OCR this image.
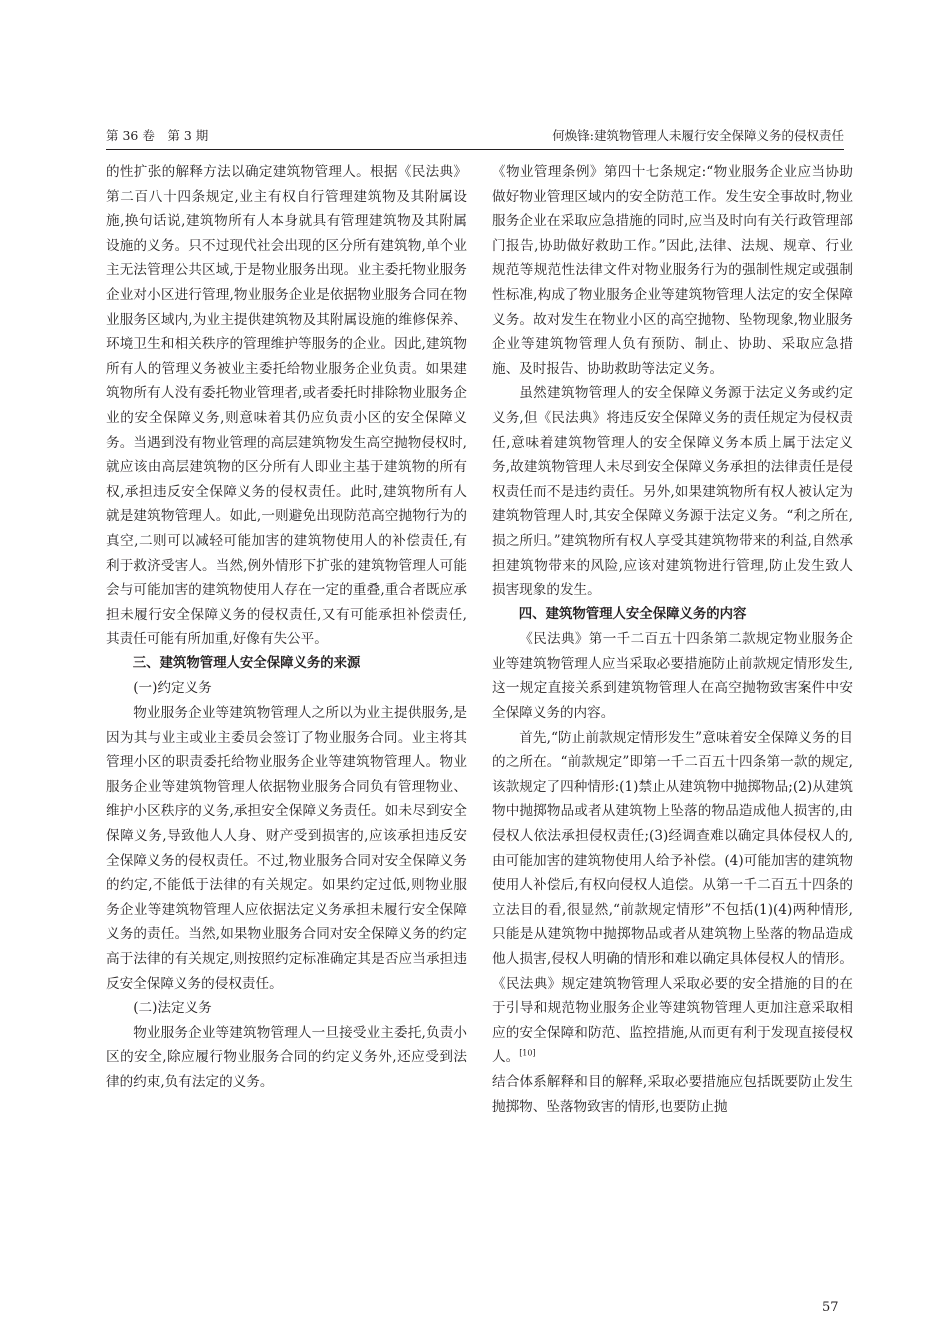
第 36 卷　第 3 期	何焕锋:建筑物管理人未履行安全保障义务的侵权责任

的性扩张的解释方法以确定建筑物管理人。根据《民法典》第二百八十四条规定,业主有权自行管理建筑物及其附属设施,换句话说,建筑物所有人本身就具有管理建筑物及其附属设施的义务。只不过现代社会出现的区分所有建筑物,单个业主无法管理公共区域,于是物业服务出现。业主委托物业服务企业对小区进行管理,物业服务企业是依据物业服务合同在物业服务区域内,为业主提供建筑物及其附属设施的维修保养、环境卫生和相关秩序的管理维护等服务的企业。因此,建筑物所有人的管理义务被业主委托给物业服务企业负责。如果建筑物所有人没有委托物业管理者,或者委托时排除物业服务企业的安全保障义务,则意味着其仍应负责小区的安全保障义务。当遇到没有物业管理的高层建筑物发生高空抛物侵权时,就应该由高层建筑物的区分所有人即业主基于建筑物的所有权,承担违反安全保障义务的侵权责任。此时,建筑物所有人就是建筑物管理人。如此,一则避免出现防范高空抛物行为的真空,二则可以减轻可能加害的建筑物使用人的补偿责任,有利于救济受害人。当然,例外情形下扩张的建筑物管理人可能会与可能加害的建筑物使用人存在一定的重叠,重合者既应承担未履行安全保障义务的侵权责任,又有可能承担补偿责任,其责任可能有所加重,好像有失公平。

三、建筑物管理人安全保障义务的来源

(一)约定义务

物业服务企业等建筑物管理人之所以为业主提供服务,是因为其与业主或业主委员会签订了物业服务合同。业主将其管理小区的职责委托给物业服务企业等建筑物管理人。物业服务企业等建筑物管理人依据物业服务合同负有管理物业、维护小区秩序的义务,承担安全保障义务责任。如未尽到安全保障义务,导致他人人身、财产受到损害的,应该承担违反安全保障义务的侵权责任。不过,物业服务合同对安全保障义务的约定,不能低于法律的有关规定。如果约定过低,则物业服务企业等建筑物管理人应依据法定义务承担未履行安全保障义务的责任。当然,如果物业服务合同对安全保障义务的约定高于法律的有关规定,则按照约定标准确定其是否应当承担违反安全保障义务的侵权责任。

(二)法定义务

物业服务企业等建筑物管理人一旦接受业主委托,负责小区的安全,除应履行物业服务合同的约定义务外,还应受到法律的约束,负有法定的义务。

《物业管理条例》第四十七条规定:“物业服务企业应当协助做好物业管理区域内的安全防范工作。发生安全事故时,物业服务企业在采取应急措施的同时,应当及时向有关行政管理部门报告,协助做好救助工作。”因此,法律、法规、规章、行业规范等规范性法律文件对物业服务行为的强制性规定或强制性标准,构成了物业服务企业等建筑物管理人法定的安全保障义务。故对发生在物业小区的高空抛物、坠物现象,物业服务企业等建筑物管理人负有预防、制止、协助、采取应急措施、及时报告、协助救助等法定义务。

虽然建筑物管理人的安全保障义务源于法定义务或约定义务,但《民法典》将违反安全保障义务的责任规定为侵权责任,意味着建筑物管理人的安全保障义务本质上属于法定义务,故建筑物管理人未尽到安全保障义务承担的法律责任是侵权责任而不是违约责任。另外,如果建筑物所有权人被认定为建筑物管理人时,其安全保障义务源于法定义务。“利之所在,损之所归。”建筑物所有权人享受其建筑物带来的利益,自然承担建筑物带来的风险,应该对建筑物进行管理,防止发生致人损害现象的发生。

四、建筑物管理人安全保障义务的内容

《民法典》第一千二百五十四条第二款规定物业服务企业等建筑物管理人应当采取必要措施防止前款规定情形发生,这一规定直接关系到建筑物管理人在高空抛物致害案件中安全保障义务的内容。

首先,“防止前款规定情形发生”意味着安全保障义务的目的之所在。“前款规定”即第一千二百五十四条第一款的规定,该款规定了四种情形:(1)禁止从建筑物中抛掷物品;(2)从建筑物中抛掷物品或者从建筑物上坠落的物品造成他人损害的,由侵权人依法承担侵权责任;(3)经调查难以确定具体侵权人的,由可能加害的建筑物使用人给予补偿。(4)可能加害的建筑物使用人补偿后,有权向侵权人追偿。从第一千二百五十四条的立法目的看,很显然,“前款规定情形”不包括(1)(4)两种情形,只能是从建筑物中抛掷物品或者从建筑物上坠落的物品造成他人损害,侵权人明确的情形和难以确定具体侵权人的情形。《民法典》规定建筑物管理人采取必要的安全措施的目的在于引导和规范物业服务企业等建筑物管理人更加注意采取相应的安全保障和防范、监控措施,从而更有利于发现直接侵权人。[10]

结合体系解释和目的解释,采取必要措施应包括既要防止发生抛掷物、坠落物致害的情形,也要防止抛

57
